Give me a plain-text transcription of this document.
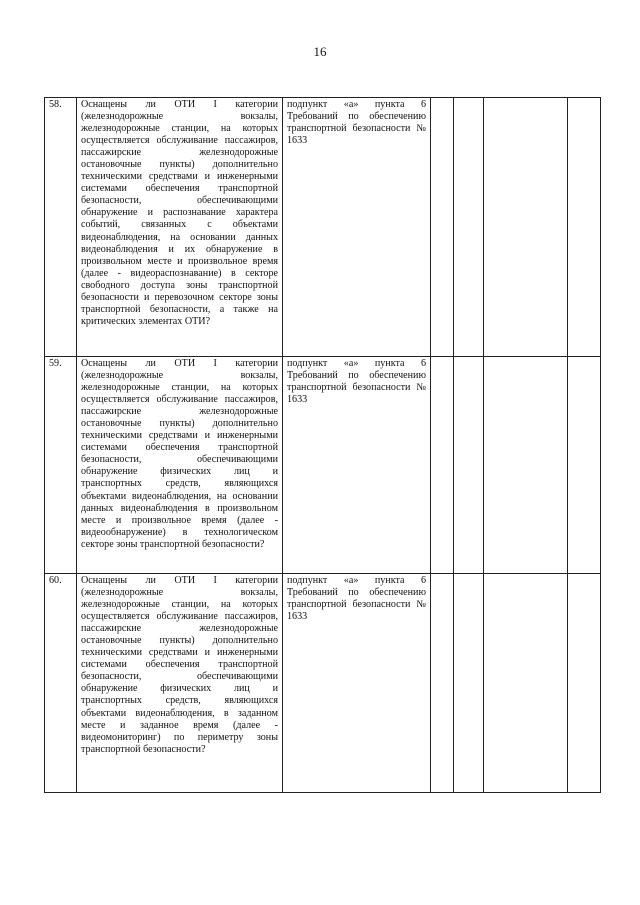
16
58.	Оснащены ли ОТИ I категории (железнодорожные вокзалы, железнодорожные станции, на которых осуществляется обслуживание пассажиров, пассажирские железнодорожные остановочные пункты) дополнительно техническими средствами и инженерными системами обеспечения транспортной безопасности, обеспечивающими обнаружение и распознавание характера событий, связанных с объектами видеонаблюдения, на основании данных видеонаблюдения и их обнаружение в произвольном месте и произвольное время (далее - видеораспознавание) в секторе свободного доступа зоны транспортной безопасности и перевозочном секторе зоны транспортной безопасности, а также на критических элементах ОТИ?	подпункт «а» пункта 6 Требований по обеспечению транспортной безопасности № 1633				
59.	Оснащены ли ОТИ I категории (железнодорожные вокзалы, железнодорожные станции, на которых осуществляется обслуживание пассажиров, пассажирские железнодорожные остановочные пункты) дополнительно техническими средствами и инженерными системами обеспечения транспортной безопасности, обеспечивающими обнаружение физических лиц и транспортных средств, являющихся объектами видеонаблюдения, на основании данных видеонаблюдения в произвольном месте и произвольное время (далее - видеообнаружение) в технологическом секторе зоны транспортной безопасности?	подпункт «а» пункта 6 Требований по обеспечению транспортной безопасности № 1633				
60.	Оснащены ли ОТИ I категории (железнодорожные вокзалы, железнодорожные станции, на которых осуществляется обслуживание пассажиров, пассажирские железнодорожные остановочные пункты) дополнительно техническими средствами и инженерными системами обеспечения транспортной безопасности, обеспечивающими обнаружение физических лиц и транспортных средств, являющихся объектами видеонаблюдения, в заданном месте и заданное время (далее - видеомониторинг) по периметру зоны транспортной безопасности?	подпункт «а» пункта 6 Требований по обеспечению транспортной безопасности № 1633				
